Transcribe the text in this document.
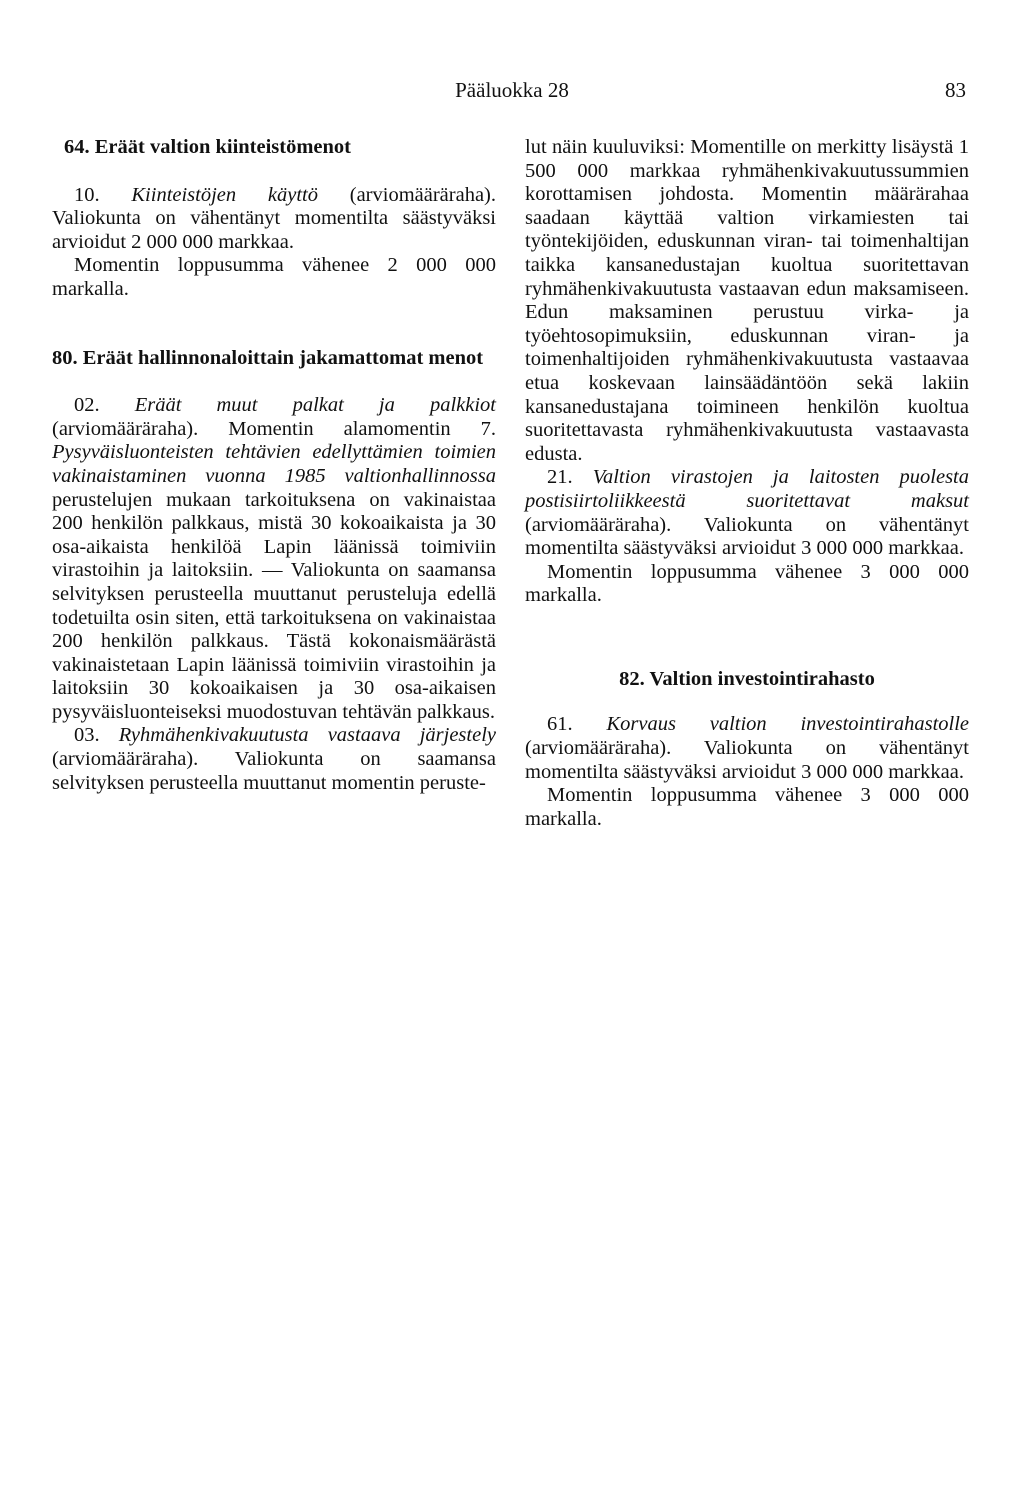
Pääluokka 28	83

64. Eräät valtion kiinteistömenot

10. Kiinteistöjen käyttö (arviomääräraha). Valiokunta on vähentänyt momentilta säästyväksi arvioidut 2 000 000 markkaa.

Momentin loppusumma vähenee 2 000 000 markalla.

80. Eräät hallinnonaloittain jakamattomat menot

02. Eräät muut palkat ja palkkiot (arviomääräraha). Momentin alamomentin 7. Pysyväisluonteisten tehtävien edellyttämien toimien vakinaistaminen vuonna 1985 valtionhallinnossa perustelujen mukaan tarkoituksena on vakinaistaa 200 henkilön palkkaus, mistä 30 kokoaikaista ja 30 osa-aikaista henkilöä Lapin läänissä toimiviin virastoihin ja laitoksiin. — Valiokunta on saamansa selvityksen perusteella muuttanut perusteluja edellä todetuilta osin siten, että tarkoituksena on vakinaistaa 200 henkilön palkkaus. Tästä kokonaismäärästä vakinaistetaan Lapin läänissä toimiviin virastoihin ja laitoksiin 30 kokoaikaisen ja 30 osa-aikaisen pysyväisluonteiseksi muodostuvan tehtävän palkkaus.

03. Ryhmähenkivakuutusta vastaava järjestely (arviomääräraha). Valiokunta on saamansa selvityksen perusteella muuttanut momentin peruste-

lut näin kuuluviksi: Momentille on merkitty lisäystä 1 500 000 markkaa ryhmähenkivakuutussummien korottamisen johdosta. Momentin määrärahaa saadaan käyttää valtion virkamiesten tai työntekijöiden, eduskunnan viran- tai toimenhaltijan taikka kansanedustajan kuoltua suoritettavan ryhmähenkivakuutusta vastaavan edun maksamiseen. Edun maksaminen perustuu virka- ja työehtosopimuksiin, eduskunnan viran- ja toimenhaltijoiden ryhmähenkivakuutusta vastaavaa etua koskevaan lainsäädäntöön sekä lakiin kansanedustajana toimineen henkilön kuoltua suoritettavasta ryhmähenkivakuutusta vastaavasta edusta.

21. Valtion virastojen ja laitosten puolesta postisiirtoliikkeestä suoritettavat maksut (arviomääräraha). Valiokunta on vähentänyt momentilta säästyväksi arvioidut 3 000 000 markkaa.

Momentin loppusumma vähenee 3 000 000 markalla.

82. Valtion investointirahasto

61. Korvaus valtion investointirahastolle (arviomääräraha). Valiokunta on vähentänyt momentilta säästyväksi arvioidut 3 000 000 markkaa.

Momentin loppusumma vähenee 3 000 000 markalla.
